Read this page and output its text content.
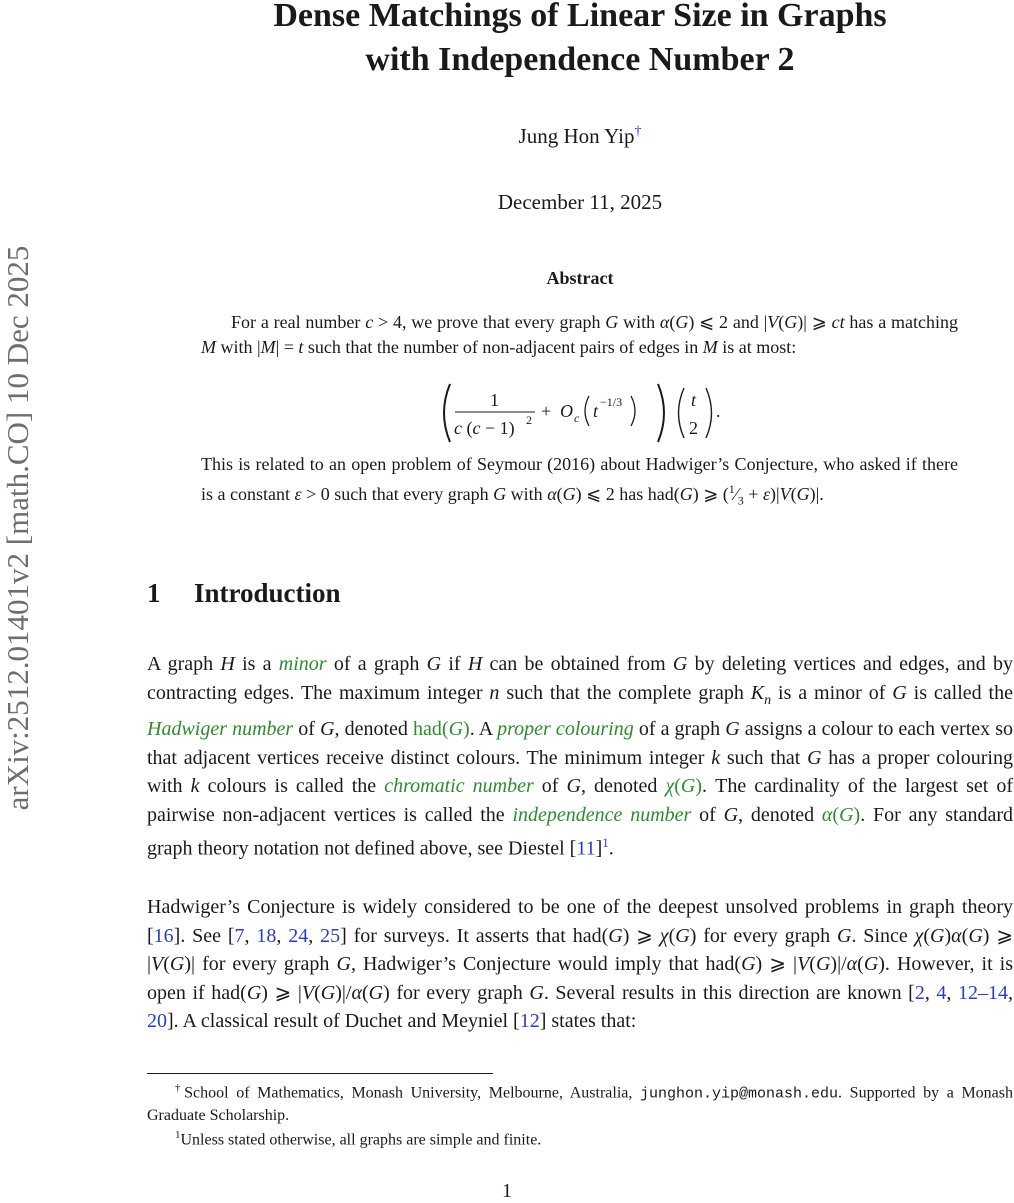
arXiv:2512.01401v2 [math.CO] 10 Dec 2025
Dense Matchings of Linear Size in Graphs
with Independence Number 2
Jung Hon Yip†
December 11, 2025
Abstract
For a real number c > 4, we prove that every graph G with α(G) ⩽ 2 and |V(G)| ⩾ ct has a matching M with |M| = t such that the number of non-adjacent pairs of edges in M is at most:
1
c (c − 1) 2 + O c t −1/3	t
2
.
This is related to an open problem of Seymour (2016) about Hadwiger’s Conjecture, who asked if there is a constant ε > 0 such that every graph G with α(G) ⩽ 2 has had(G) ⩾ $(^1⁄_3 + \varepsilon)|V(G)|$.
1 Introduction

A graph H is a minor of a graph G if H can be obtained from G by deleting vertices and edges, and by contracting edges. The maximum integer n such that the complete graph $K_n$ is a minor of G is called the Hadwiger number of G, denoted had(G). A proper colouring of a graph G assigns a colour to each vertex so that adjacent vertices receive distinct colours. The minimum integer k such that G has a proper colouring with k colours is called the chromatic number of G, denoted χ(G). The cardinality of the largest set of pairwise non-adjacent vertices is called the independence number of G, denoted α(G). For any standard graph theory notation not defined above, see Diestel [11]$^1$.

Hadwiger’s Conjecture is widely considered to be one of the deepest unsolved problems in graph theory [16]. See [7, 18, 24, 25] for surveys. It asserts that had(G) ⩾ χ(G) for every graph G. Since χ(G)α(G) ⩾ |V(G)| for every graph G, Hadwiger’s Conjecture would imply that had(G) ⩾ |V(G)|/α(G). However, it is open if had(G) ⩾ |V(G)|/α(G) for every graph G. Several results in this direction are known [2, 4, 12–14, 20]. A classical result of Duchet and Meyniel [12] states that:

†School of Mathematics, Monash University, Melbourne, Australia, junghon.yip@monash.edu. Supported by a Monash Graduate Scholarship.
$^1$Unless stated otherwise, all graphs are simple and finite.
1
